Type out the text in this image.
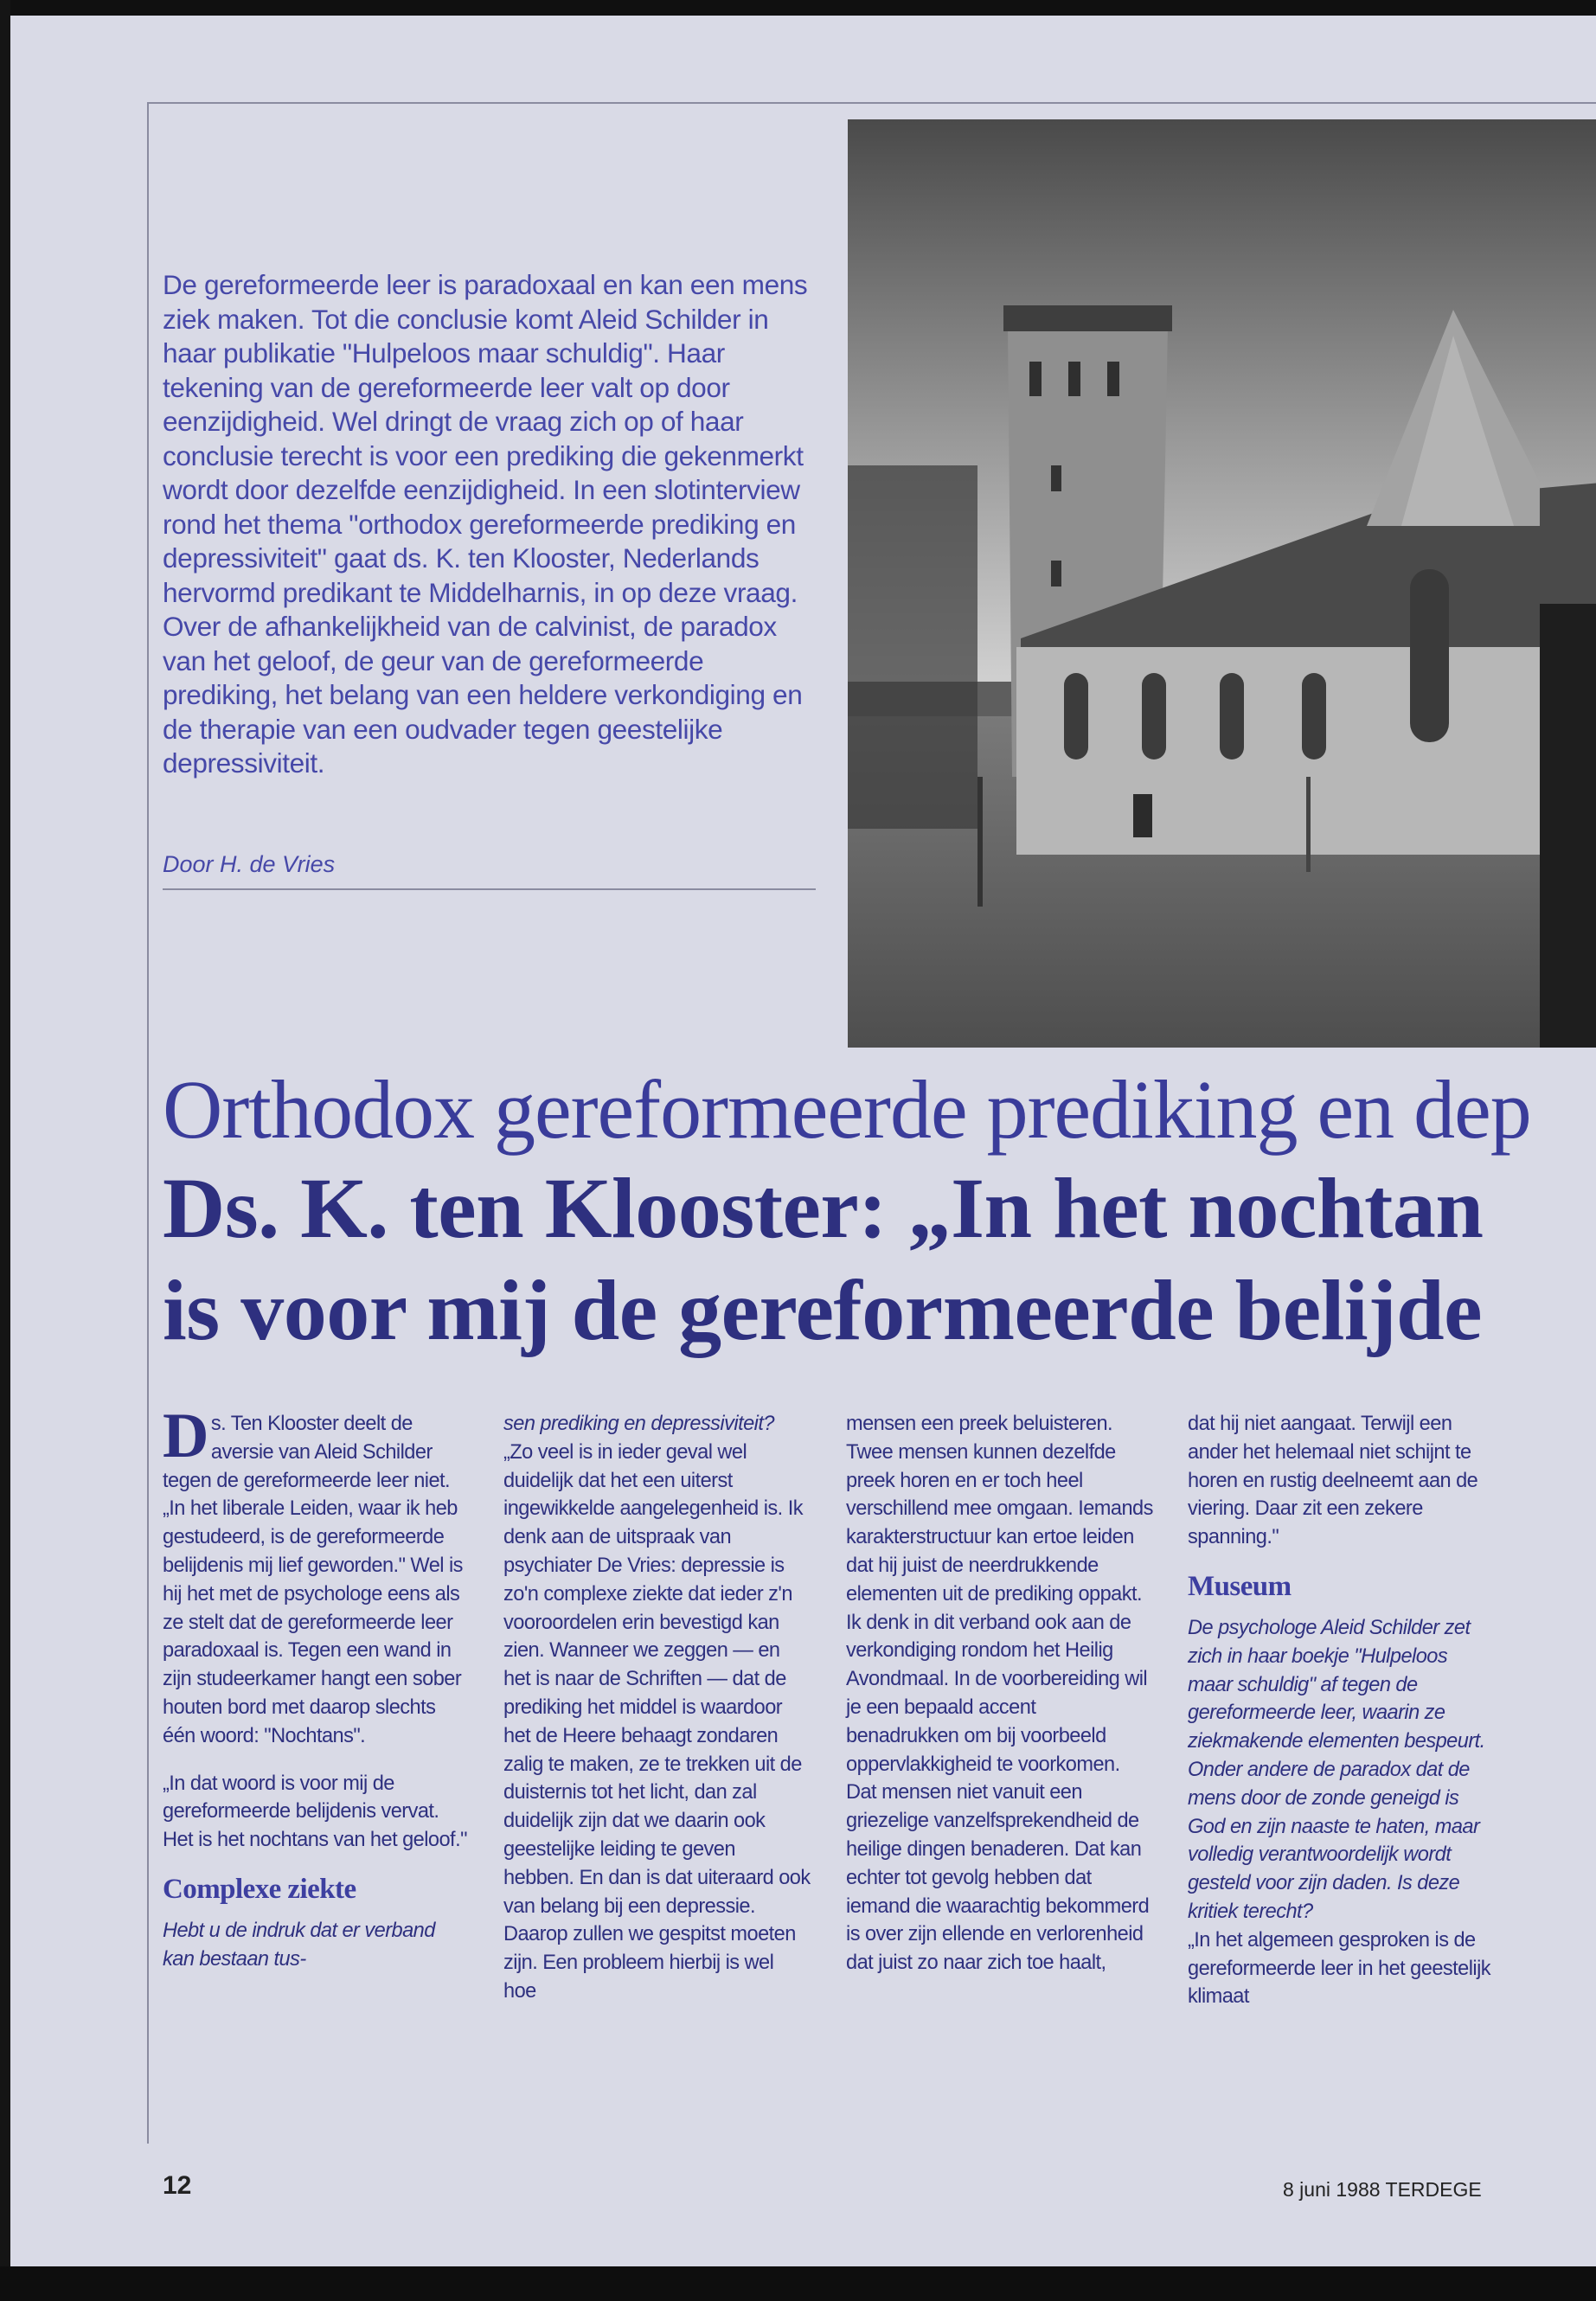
De gereformeerde leer is paradoxaal en kan een mens ziek maken. Tot die conclusie komt Aleid Schilder in haar publikatie "Hulpeloos maar schuldig". Haar tekening van de gereformeerde leer valt op door eenzijdigheid. Wel dringt de vraag zich op of haar conclusie terecht is voor een prediking die gekenmerkt wordt door dezelfde eenzijdigheid. In een slotinterview rond het thema "orthodox gereformeerde prediking en depressiviteit" gaat ds. K. ten Klooster, Nederlands hervormd predikant te Middelharnis, in op deze vraag. Over de afhankelijkheid van de calvinist, de paradox van het geloof, de geur van de gereformeerde prediking, het belang van een heldere verkondiging en de therapie van een oudvader tegen geestelijke depressiviteit.

Door H. de Vries
Orthodox gereformeerde prediking en dep
Ds. K. ten Klooster: „In het nochtan
is voor mij de gereformeerde belijde

Ds. Ten Klooster deelt de aversie van Aleid Schilder tegen de gereformeerde leer niet. „In het liberale Leiden, waar ik heb gestudeerd, is de gereformeerde belijdenis mij lief geworden." Wel is hij het met de psychologe eens als ze stelt dat de gereformeerde leer paradoxaal is. Tegen een wand in zijn studeerkamer hangt een sober houten bord met daarop slechts één woord: "Nochtans".

„In dat woord is voor mij de gereformeerde belijdenis vervat. Het is het nochtans van het geloof."

Complexe ziekte

Hebt u de indruk dat er verband kan bestaan tus-

sen prediking en depressiviteit?

„Zo veel is in ieder geval wel duidelijk dat het een uiterst ingewikkelde aangelegenheid is. Ik denk aan de uitspraak van psychiater De Vries: depressie is zo'n complexe ziekte dat ieder z'n vooroordelen erin bevestigd kan zien. Wanneer we zeggen — en het is naar de Schriften — dat de prediking het middel is waardoor het de Heere behaagt zondaren zalig te maken, ze te trekken uit de duisternis tot het licht, dan zal duidelijk zijn dat we daarin ook geestelijke leiding te geven hebben. En dan is dat uiteraard ook van belang bij een depressie. Daarop zullen we gespitst moeten zijn. Een probleem hierbij is wel hoe

mensen een preek beluisteren. Twee mensen kunnen dezelfde preek horen en er toch heel verschillend mee omgaan. Iemands karakterstructuur kan ertoe leiden dat hij juist de neerdrukkende elementen uit de prediking oppakt.

Ik denk in dit verband ook aan de verkondiging rondom het Heilig Avondmaal. In de voorbereiding wil je een bepaald accent benadrukken om bij voorbeeld oppervlakkigheid te voorkomen. Dat mensen niet vanuit een griezelige vanzelfsprekendheid de heilige dingen benaderen. Dat kan echter tot gevolg hebben dat iemand die waarachtig bekommerd is over zijn ellende en verlorenheid dat juist zo naar zich toe haalt,

dat hij niet aangaat. Terwijl een ander het helemaal niet schijnt te horen en rustig deelneemt aan de viering. Daar zit een zekere spanning."

Museum

De psychologe Aleid Schilder zet zich in haar boekje "Hulpeloos maar schuldig" af tegen de gereformeerde leer, waarin ze ziekmakende elementen bespeurt. Onder andere de paradox dat de mens door de zonde geneigd is God en zijn naaste te haten, maar volledig verantwoordelijk wordt gesteld voor zijn daden. Is deze kritiek terecht?

„In het algemeen gesproken is de gereformeerde leer in het geestelijk klimaat

12	8 juni 1988 TERDEGE
